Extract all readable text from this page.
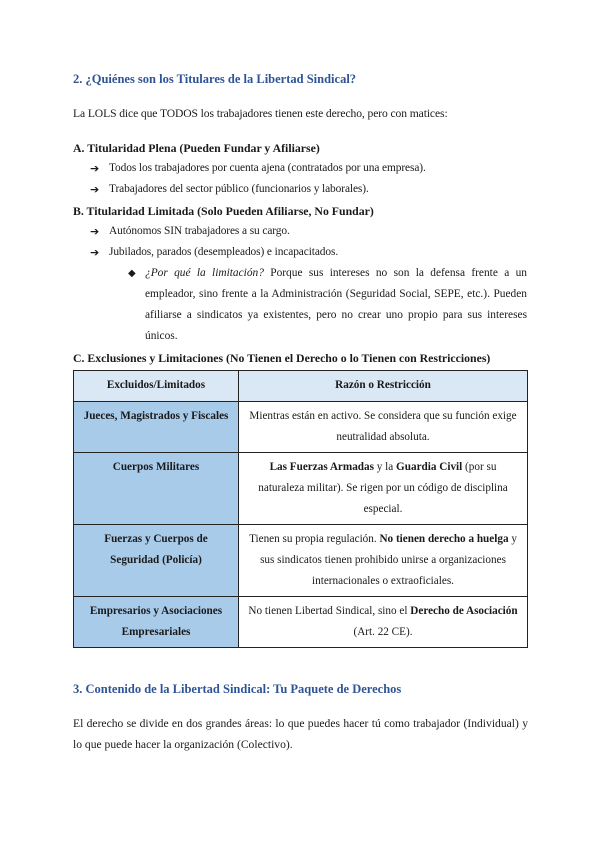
2. ¿Quiénes son los Titulares de la Libertad Sindical?
La LOLS dice que TODOS los trabajadores tienen este derecho, pero con matices:
A. Titularidad Plena (Pueden Fundar y Afiliarse)
➔ Todos los trabajadores por cuenta ajena (contratados por una empresa).
➔ Trabajadores del sector público (funcionarios y laborales).
B. Titularidad Limitada (Solo Pueden Afiliarse, No Fundar)
➔ Autónomos SIN trabajadores a su cargo.
➔ Jubilados, parados (desempleados) e incapacitados.
◆ ¿Por qué la limitación? Porque sus intereses no son la defensa frente a un empleador, sino frente a la Administración (Seguridad Social, SEPE, etc.). Pueden afiliarse a sindicatos ya existentes, pero no crear uno propio para sus intereses únicos.
C. Exclusiones y Limitaciones (No Tienen el Derecho o lo Tienen con Restricciones)
Excluidos/Limitados	Razón o Restricción
Jueces, Magistrados y Fiscales	Mientras están en activo. Se considera que su función exige neutralidad absoluta.
Cuerpos Militares	Las Fuerzas Armadas y la Guardia Civil (por su naturaleza militar). Se rigen por un código de disciplina especial.
Fuerzas y Cuerpos de Seguridad (Policía)	Tienen su propia regulación. No tienen derecho a huelga y sus sindicatos tienen prohibido unirse a organizaciones internacionales o extraoficiales.
Empresarios y Asociaciones Empresariales	No tienen Libertad Sindical, sino el Derecho de Asociación (Art. 22 CE).
3. Contenido de la Libertad Sindical: Tu Paquete de Derechos
El derecho se divide en dos grandes áreas: lo que puedes hacer tú como trabajador (Individual) y lo que puede hacer la organización (Colectivo).
